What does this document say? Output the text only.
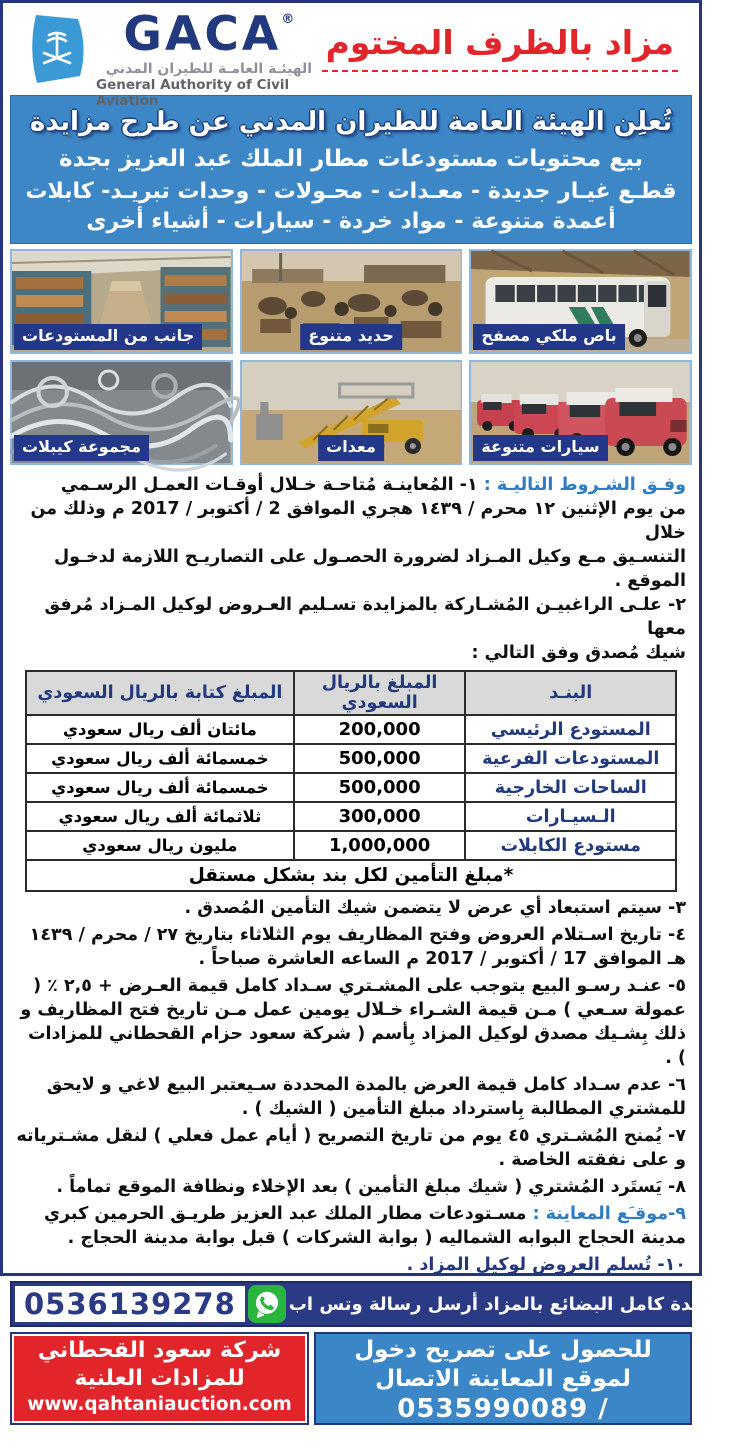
GACA ®
الهيئـة العامـة للطيران المدني
General Authority of Civil Aviation
مزاد بالظرف المختوم
تُعلِن الهيئة العامة للطيران المدني عن طرح مزايدة
بيع محتويات مستودعات مطار الملك عبد العزيز بجدة
قطـع غيـار جديدة - معـدات - محـولات - وحدات تبريـد- كابلات
أعمدة متنوعة - مواد خردة - سيارات - أشياء أخرى
جانب من المستودعات	حديد متنوع	باص ملكي مصفح
مجموعة كيبلات	معدات	سيارات متنوعة
وفـق الشـروط التاليـة : ١- المُعاينـة مُتاحـة خـلال أوقـات العمـل الرسـمي
من يوم الإثنين ١٢ محرم / ١٤٣٩ هجري الموافق 2 / أكتوبر / 2017 م وذلك من خلال
التنسـيق مـع وكيل المـزاد لضرورة الحصـول على التصاريـح اللازمة لدخـول الموقع .
٢- علـى الراغبيـن المُشـاركة بالمزايدة تسـليم العـروض لوكيل المـزاد مُرفق معها
شيك مُصدق وفق التالي :
البنـد	المبلغ بالريال السعودي	المبلغ كتابة بالريال السعودي
المستودع الرئيسي	200,000	مائتان ألف ريال سعودي
المستودعات الفرعية	500,000	خمسمائة ألف ريال سعودي
الساحات الخارجية	500,000	خمسمائة ألف ريال سعودي
الـسيـارات	300,000	ثلاثمائة ألف ريال سعودي
مستودع الكابلات	1,000,000	مليون ريال سعودي
*مبلغ التأمين لكل بند بشكل مستقل		

٣- سيتم استبعاد أي عرض لا يتضمن شيك التأمين المُصدق .

٤- تاريخ اسـتلام العروض وفتح المظاريف يوم الثلاثاء بتاريخ ٢٧ / محرم / ١٤٣٩ هـ الموافق 17 / أكتوبر / 2017 م الساعه العاشرة صباحاً .

٥- عنـد رسـو البيع يتوجب على المشـتري سـداد كامل قيمة العـرض + ٢,٥ ٪ ( عمولة سـعي ) مـن قيمة الشـراء خـلال يومين عمل مـن تاريخ فتح المظاريف و ذلك بِشـيك مصدق لوكيل المزاد بِأسم ( شركة سعود حزام القحطاني للمزادات ) .

٦- عدم سـداد كامل قيمة العرض بالمدة المحددة سـيعتبر البيع لاغي و لايحق للمشتري المطالبة بِاسترداد مبلغ التأمين ( الشيك ) .

٧- يُمنح المُشـتري ٤٥ يوم من تاريخ التصريح ( أيام عمل فعلي ) لنقل مشـترياته و على نفقته الخاصة .

٨- يَستَرد المُشتري ( شيك مبلغ التأمين ) بعد الإخلاء ونظافة الموقع تماماً .

٩-موقـَع المعاينة : مسـتودعات مطار الملك عبد العزيز طريـق الحرمين كبري مدينة الحجاج البوابه الشماليه ( بوابة الشركات ) قبل بوابة مدينة الحجاج .

١٠- تُسلم العروض لوكيل المزاد .

0536139278	لمشاهدة كامل البضائع بالمزاد أرسل رسالة وتس اب
شركة سعود القحطاني
للمزادات العلنية
www.qahtaniauction.com
للحصول على تصريح دخول
لموقع المعاينة الاتصال
0535990089 / 0551500035
